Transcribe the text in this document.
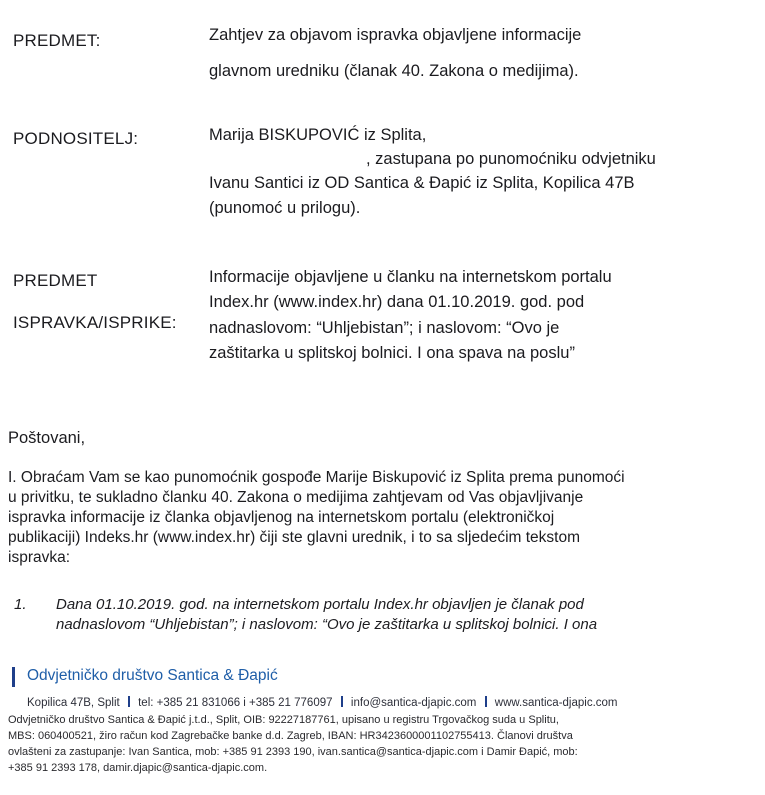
PREDMET:	Zahtjev za objavom ispravka objavljene informacije
glavnom uredniku (članak 40. Zakona o medijima).
PODNOSITELJ:	Marija BISKUPOVIĆ iz Splita,
, zastupana po punomoćniku odvjetniku
Ivanu Santici iz OD Santica & Đapić iz Splita, Kopilica 47B
(punomoć u prilogu).
PREDMET
ISPRAVKA/ISPRIKE:
Informacije objavljene u članku na internetskom portalu
Index.hr (www.index.hr) dana 01.10.2019. god. pod
nadnaslovom: “Uhljebistan”; i naslovom: “Ovo je
zaštitarka u splitskoj bolnici. I ona spava na poslu”
Poštovani,
I. Obraćam Vam se kao punomoćnik gospođe Marije Biskupović iz Splita prema punomoći
u privitku, te sukladno članku 40. Zakona o medijima zahtjevam od Vas objavljivanje
ispravka informacije iz članka objavljenog na internetskom portalu (elektroničkoj
publikaciji) Indeks.hr (www.index.hr) čiji ste glavni urednik, i to sa sljedećim tekstom
ispravka:
1. Dana 01.10.2019. god. na internetskom portalu Index.hr objavljen je članak pod
nadnaslovom “Uhljebistan”; i naslovom: “Ovo je zaštitarka u splitskoj bolnici. I ona
Odvjetničko društvo Santica & Đapić
Kopilica 47B, Split tel: +385 21 831066 i +385 21 776097 info@santica-djapic.com www.santica-djapic.com
Odvjetničko društvo Santica & Đapić j.t.d., Split, OIB: 92227187761, upisano u registru Trgovačkog suda u Splitu,
MBS: 060400521, žiro račun kod Zagrebačke banke d.d. Zagreb, IBAN: HR3423600001102755413. Članovi društva
ovlašteni za zastupanje: Ivan Santica, mob: +385 91 2393 190, ivan.santica@santica-djapic.com i Damir Đapić, mob:
+385 91 2393 178, damir.djapic@santica-djapic.com.
